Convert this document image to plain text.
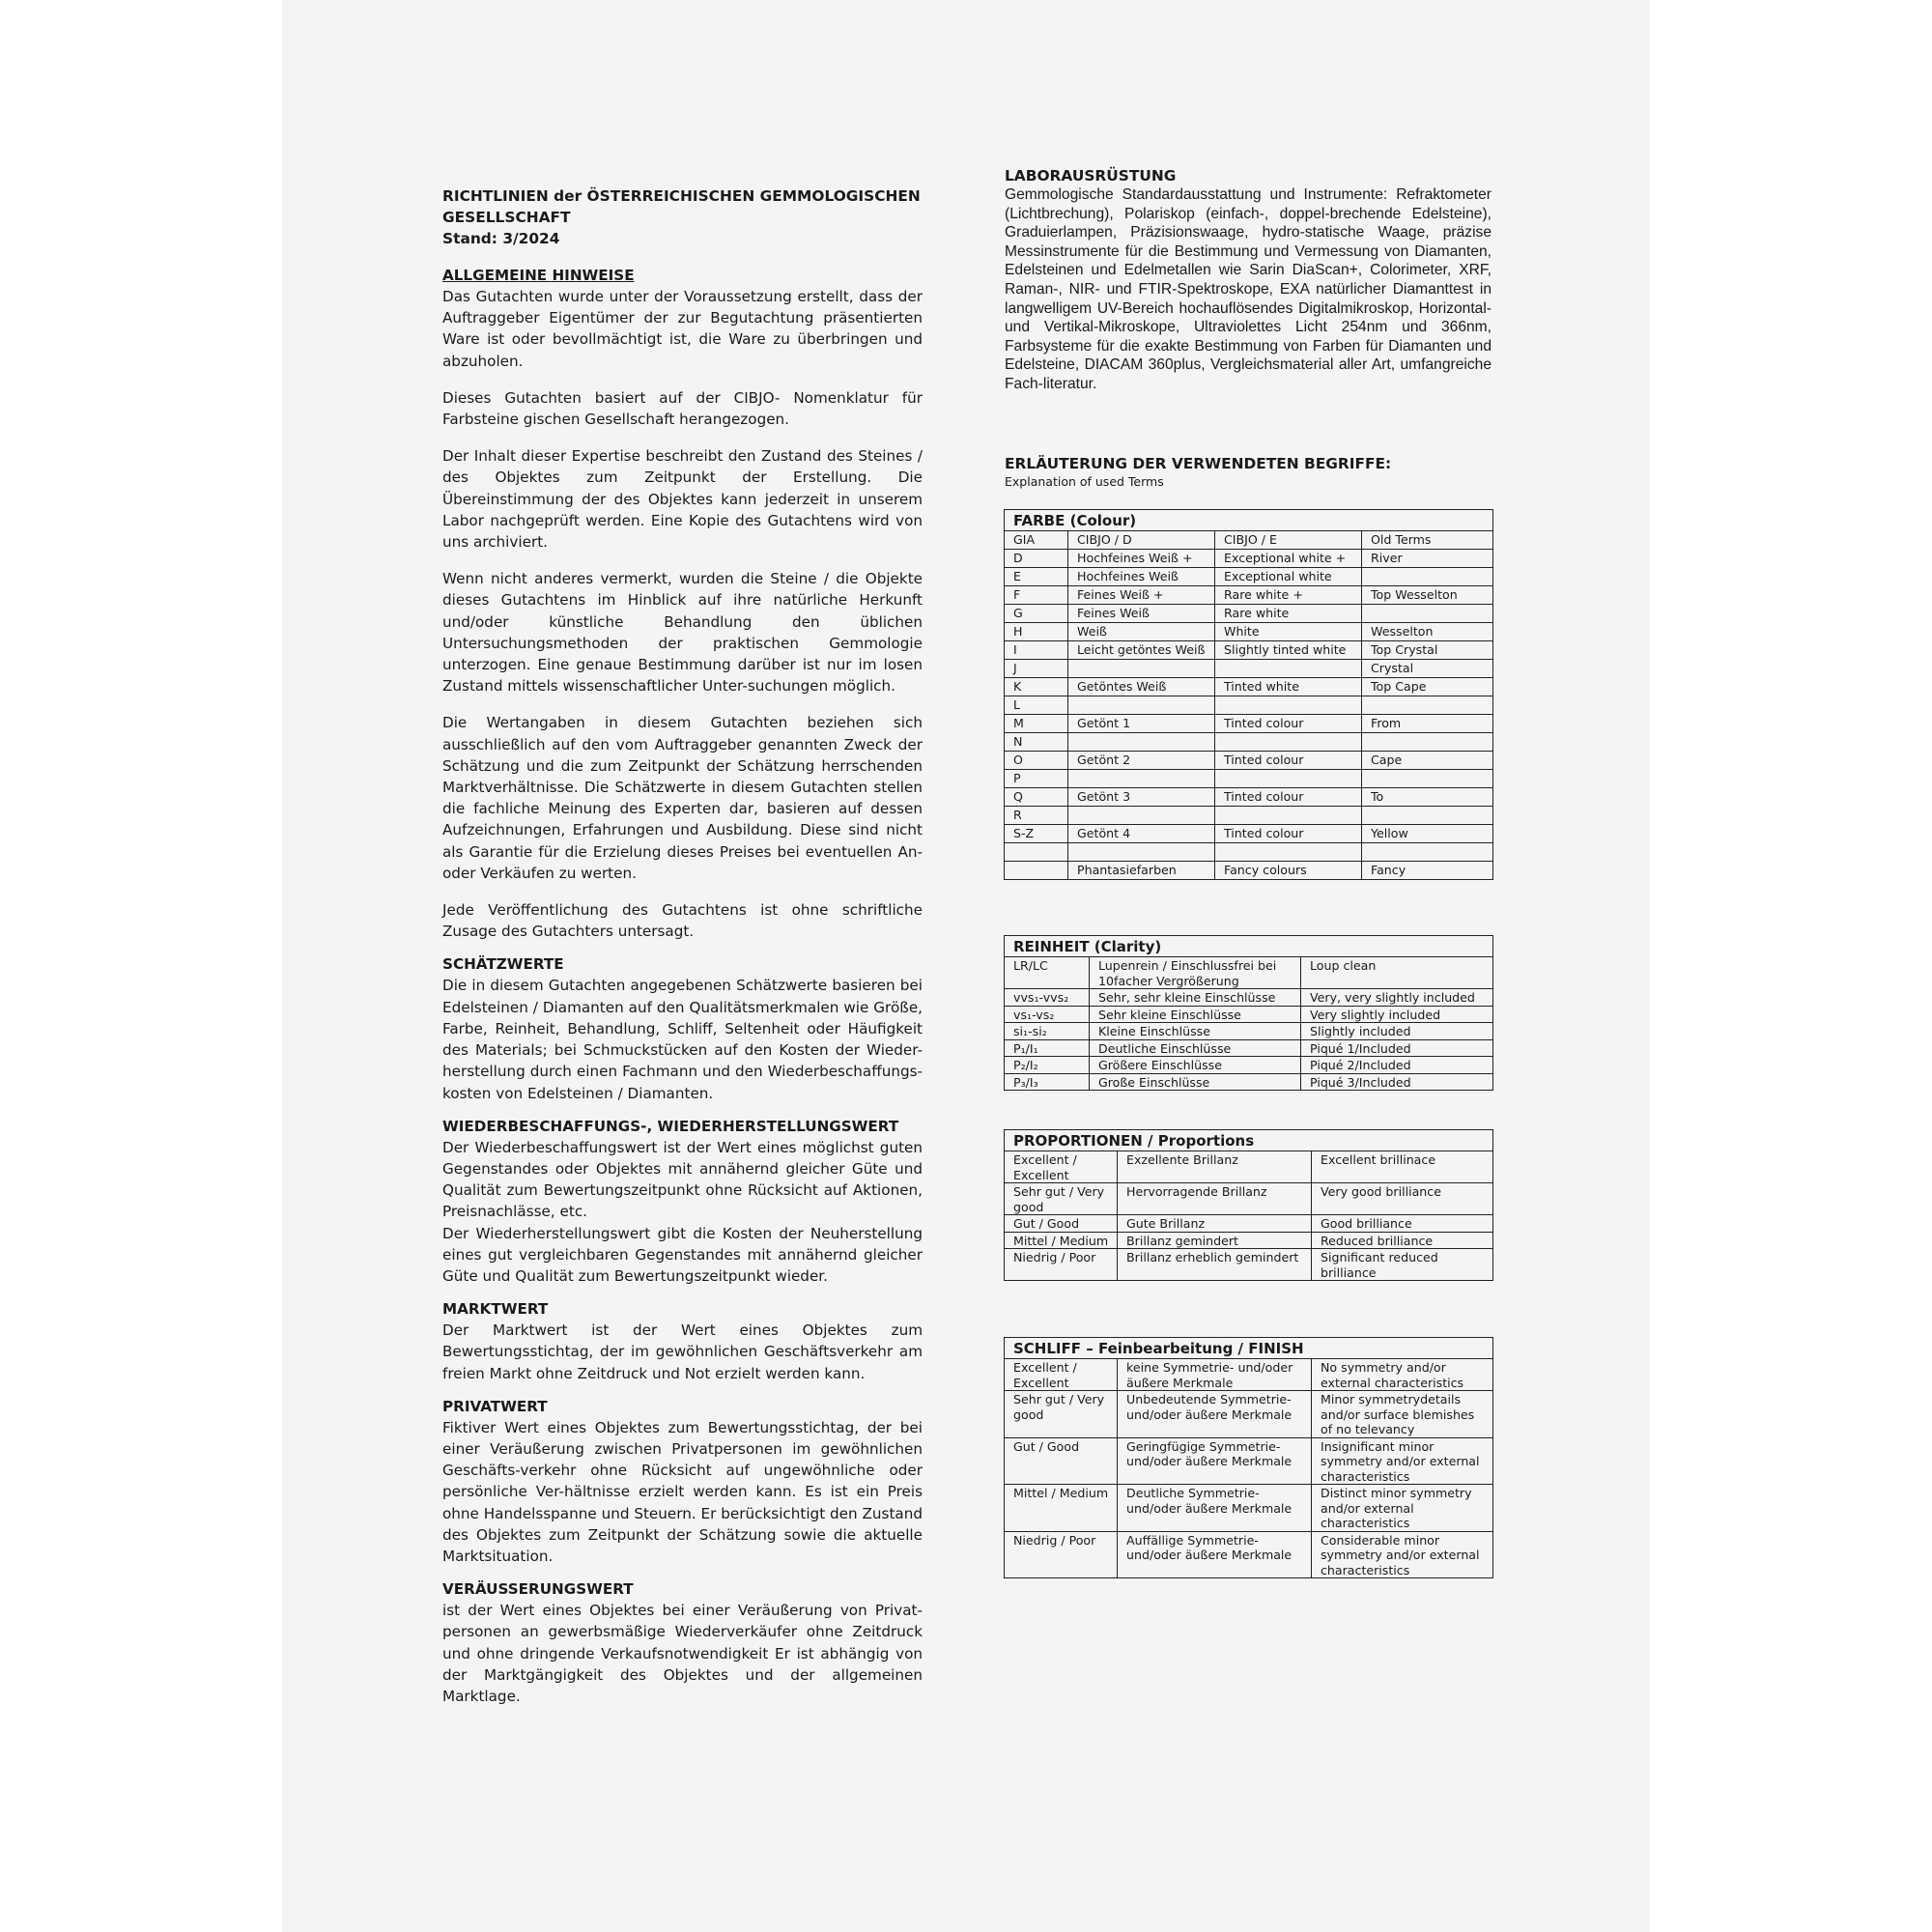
RICHTLINIEN der ÖSTERREICHISCHEN GEMMOLOGISCHEN
GESELLSCHAFT
Stand: 3/2024
ALLGEMEINE HINWEISE

Das Gutachten wurde unter der Voraussetzung erstellt, dass der Auftraggeber Eigentümer der zur Begutachtung präsentierten Ware ist oder bevollmächtigt ist, die Ware zu überbringen und abzuholen.

Dieses Gutachten basiert auf der CIBJO- Nomenklatur für Farbsteine gischen Gesellschaft herangezogen.

Der Inhalt dieser Expertise beschreibt den Zustand des Steines / des Objektes zum Zeitpunkt der Erstellung. Die Übereinstimmung der des Objektes kann jederzeit in unserem Labor nachgeprüft werden. Eine Kopie des Gutachtens wird von uns archiviert.

Wenn nicht anderes vermerkt, wurden die Steine / die Objekte dieses Gutachtens im Hinblick auf ihre natürliche Herkunft und/oder künstliche Behandlung den üblichen Untersuchungsmethoden der praktischen Gemmologie unterzogen. Eine genaue Bestimmung darüber ist nur im losen Zustand mittels wissenschaftlicher Unter-suchungen möglich.

Die Wertangaben in diesem Gutachten beziehen sich ausschließlich auf den vom Auftraggeber genannten Zweck der Schätzung und die zum Zeitpunkt der Schätzung herrschenden Marktverhältnisse. Die Schätzwerte in diesem Gutachten stellen die fachliche Meinung des Experten dar, basieren auf dessen Aufzeichnungen, Erfahrungen und Ausbildung. Diese sind nicht als Garantie für die Erzielung dieses Preises bei eventuellen An- oder Verkäufen zu werten.

Jede Veröffentlichung des Gutachtens ist ohne schriftliche Zusage des Gutachters untersagt.

SCHÄTZWERTE

Die in diesem Gutachten angegebenen Schätzwerte basieren bei Edelsteinen / Diamanten auf den Qualitätsmerkmalen wie Größe, Farbe, Reinheit, Behandlung, Schliff, Seltenheit oder Häufigkeit des Materials; bei Schmuckstücken auf den Kosten der Wieder-herstellung durch einen Fachmann und den Wiederbeschaffungs-kosten von Edelsteinen / Diamanten.

WIEDERBESCHAFFUNGS-, WIEDERHERSTELLUNGSWERT

Der Wiederbeschaffungswert ist der Wert eines möglichst guten Gegenstandes oder Objektes mit annähernd gleicher Güte und Qualität zum Bewertungszeitpunkt ohne Rücksicht auf Aktionen, Preisnachlässe, etc.

Der Wiederherstellungswert gibt die Kosten der Neuherstellung eines gut vergleichbaren Gegenstandes mit annähernd gleicher Güte und Qualität zum Bewertungszeitpunkt wieder.

MARKTWERT

Der Marktwert ist der Wert eines Objektes zum Bewertungsstichtag, der im gewöhnlichen Geschäftsverkehr am freien Markt ohne Zeitdruck und Not erzielt werden kann.

PRIVATWERT

Fiktiver Wert eines Objektes zum Bewertungsstichtag, der bei einer Veräußerung zwischen Privatpersonen im gewöhnlichen Geschäfts-verkehr ohne Rücksicht auf ungewöhnliche oder persönliche Ver-hältnisse erzielt werden kann. Es ist ein Preis ohne Handelsspanne und Steuern. Er berücksichtigt den Zustand des Objektes zum Zeitpunkt der Schätzung sowie die aktuelle Marktsituation.

VERÄUSSERUNGSWERT

ist der Wert eines Objektes bei einer Veräußerung von Privat-personen an gewerbsmäßige Wiederverkäufer ohne Zeitdruck und ohne dringende Verkaufsnotwendigkeit Er ist abhängig von der Marktgängigkeit des Objektes und der allgemeinen Marktlage.

LABORAUSRÜSTUNG

Gemmologische Standardausstattung und Instrumente: Refraktometer (Lichtbrechung), Polariskop (einfach-, doppel-brechende Edelsteine), Graduierlampen, Präzisionswaage, hydro-statische Waage, präzise Messinstrumente für die Bestimmung und Vermessung von Diamanten, Edelsteinen und Edelmetallen wie Sarin DiaScan+, Colorimeter, XRF, Raman-, NIR- und FTIR-Spektroskope, EXA natürlicher Diamanttest in langwelligem UV-Bereich hochauflösendes Digitalmikroskop, Horizontal- und Vertikal-Mikroskope, Ultraviolettes Licht 254nm und 366nm, Farbsysteme für die exakte Bestimmung von Farben für Diamanten und Edelsteine, DIACAM 360plus, Vergleichsmaterial aller Art, umfangreiche Fach-literatur.

ERLÄUTERUNG DER VERWENDETEN BEGRIFFE:
Explanation of used Terms
FARBE (Colour)			
GIA	CIBJO / D	CIBJO / E	Old Terms
D	Hochfeines Weiß +	Exceptional white +	River
E	Hochfeines Weiß	Exceptional white	
F	Feines Weiß +	Rare white +	Top Wesselton
G	Feines Weiß	Rare white	
H	Weiß	White	Wesselton
I	Leicht getöntes Weiß	Slightly tinted white	Top Crystal
J			Crystal
K	Getöntes Weiß	Tinted white	Top Cape
L			
M	Getönt 1	Tinted colour	From
N			
O	Getönt 2	Tinted colour	Cape
P			
Q	Getönt 3	Tinted colour	To
R			
S-Z	Getönt 4	Tinted colour	Yellow

	Phantasiefarben	Fancy colours	Fancy
REINHEIT (Clarity)		
LR/LC	Lupenrein / Einschlussfrei bei 10facher Vergrößerung	Loup clean
vvs₁-vvs₂	Sehr, sehr kleine Einschlüsse	Very, very slightly included
vs₁-vs₂	Sehr kleine Einschlüsse	Very slightly included
si₁-si₂	Kleine Einschlüsse	Slightly included
P₁/I₁	Deutliche Einschlüsse	Piqué 1/Included
P₂/I₂	Größere Einschlüsse	Piqué 2/Included
P₃/I₃	Große Einschlüsse	Piqué 3/Included
PROPORTIONEN / Proportions		
Excellent / Excellent	Exzellente Brillanz	Excellent brillinace
Sehr gut / Very good	Hervorragende Brillanz	Very good brilliance
Gut / Good	Gute Brillanz	Good brilliance
Mittel / Medium	Brillanz gemindert	Reduced brilliance
Niedrig / Poor	Brillanz erheblich gemindert	Significant reduced brilliance
SCHLIFF – Feinbearbeitung / FINISH		
Excellent / Excellent	keine Symmetrie- und/oder äußere Merkmale	No symmetry and/or external characteristics
Sehr gut / Very good	Unbedeutende Symmetrie- und/oder äußere Merkmale	Minor symmetrydetails and/or surface blemishes of no televancy
Gut / Good	Geringfügige Symmetrie- und/oder äußere Merkmale	Insignificant minor symmetry and/or external characteristics
Mittel / Medium	Deutliche Symmetrie- und/oder äußere Merkmale	Distinct minor symmetry and/or external characteristics
Niedrig / Poor	Auffällige Symmetrie- und/oder äußere Merkmale	Considerable minor symmetry and/or external characteristics
